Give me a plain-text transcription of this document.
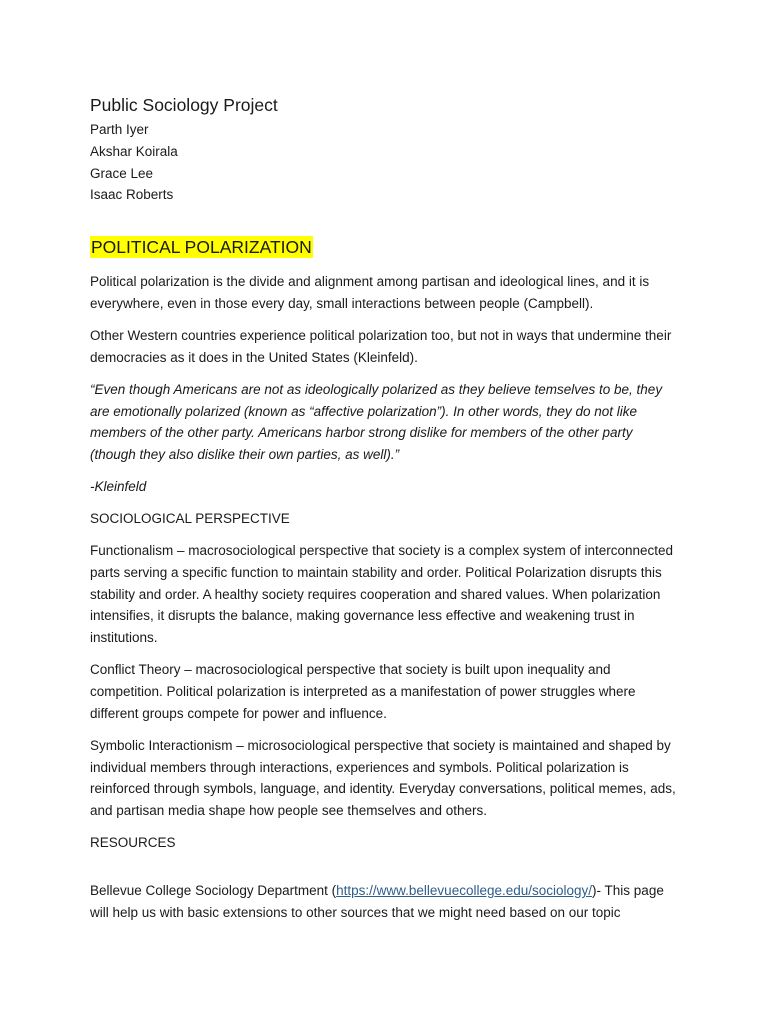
Public Sociology Project

Parth Iyer

Akshar Koirala

Grace Lee

Isaac Roberts

POLITICAL POLARIZATION

Political polarization is the divide and alignment among partisan and ideological lines, and it is everywhere, even in those every day, small interactions between people (Campbell).

Other Western countries experience political polarization too, but not in ways that undermine their democracies as it does in the United States (Kleinfeld).

“Even though Americans are not as ideologically polarized as they believe temselves to be, they are emotionally polarized (known as “affective polarization”). In other words, they do not like members of the other party. Americans harbor strong dislike for members of the other party (though they also dislike their own parties, as well).”

-Kleinfeld

SOCIOLOGICAL PERSPECTIVE

Functionalism – macrosociological perspective that society is a complex system of interconnected parts serving a specific function to maintain stability and order. Political Polarization disrupts this stability and order. A healthy society requires cooperation and shared values. When polarization intensifies, it disrupts the balance, making governance less effective and weakening trust in institutions.

Conflict Theory – macrosociological perspective that society is built upon inequality and competition. Political polarization is interpreted as a manifestation of power struggles where different groups compete for power and influence.

Symbolic Interactionism – microsociological perspective that society is maintained and shaped by individual members through interactions, experiences and symbols. Political polarization is reinforced through symbols, language, and identity. Everyday conversations, political memes, ads, and partisan media shape how people see themselves and others.

RESOURCES

Bellevue College Sociology Department (https://www.bellevuecollege.edu/sociology/)- This page will help us with basic extensions to other sources that we might need based on our topic
